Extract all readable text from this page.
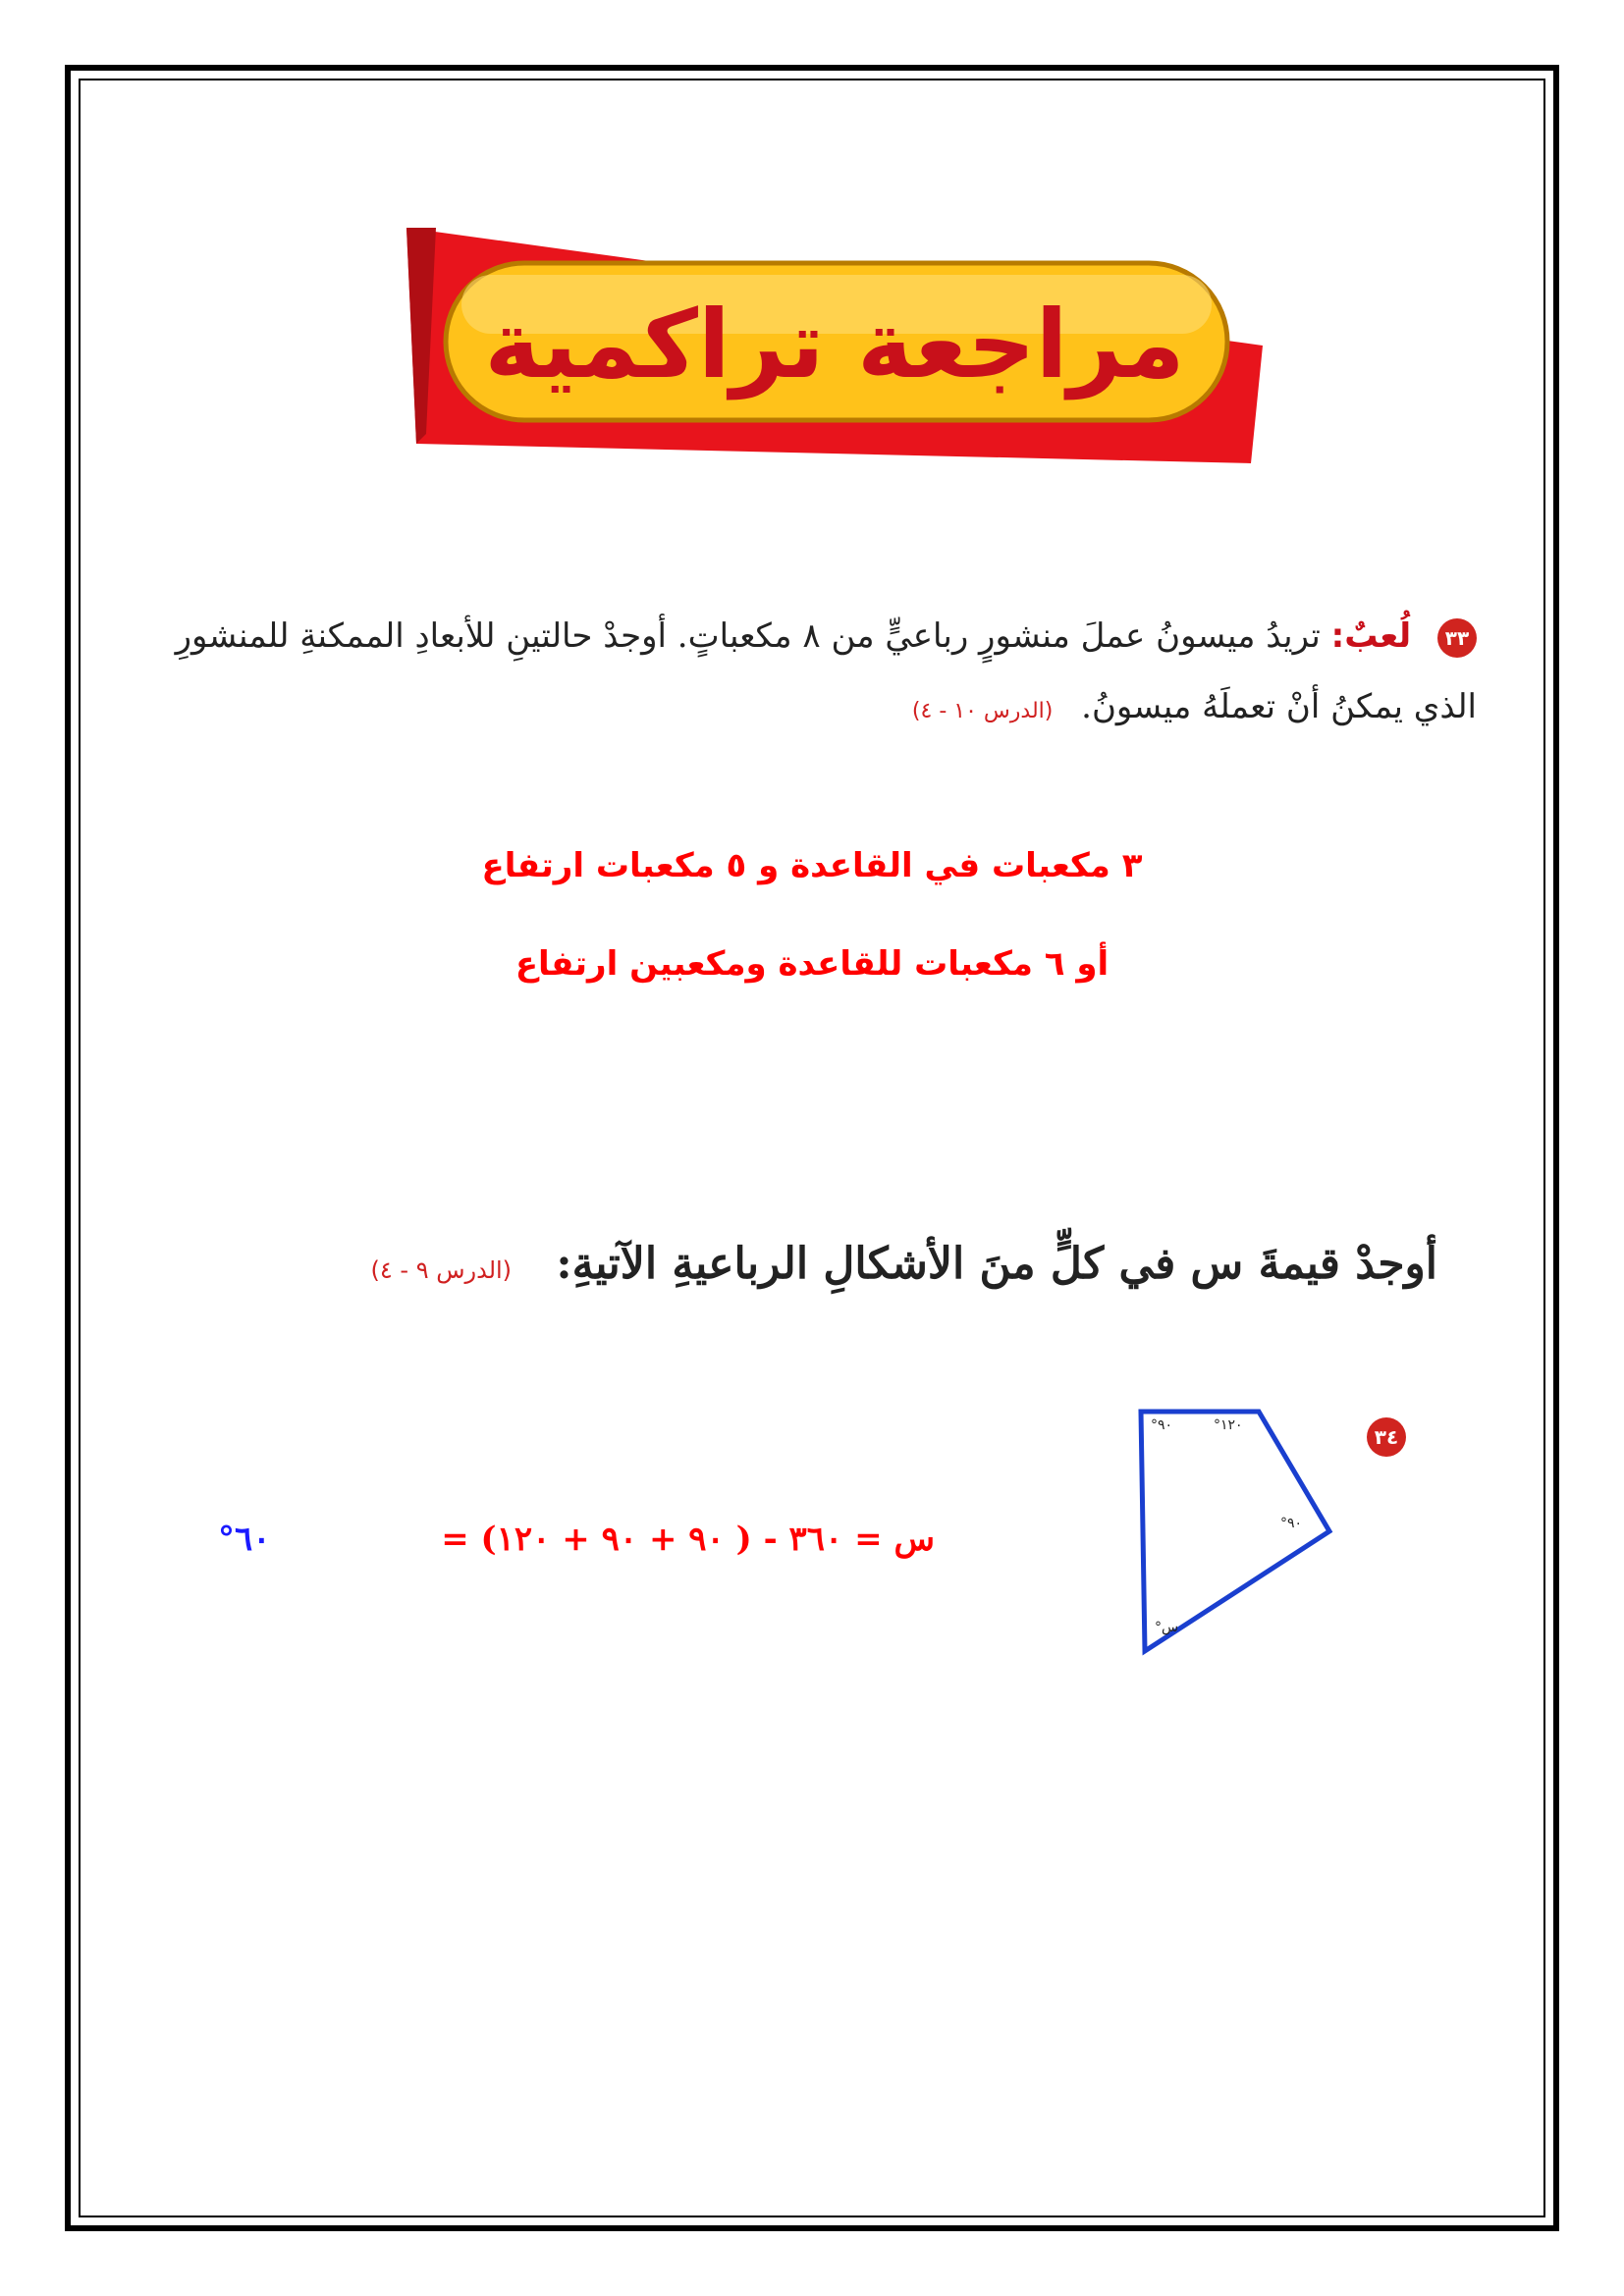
مراجعة تراكمية
٣٣ لُعبٌ: تريدُ ميسونُ عملَ منشورٍ رباعيٍّ من ٨ مكعباتٍ. أوجدْ حالتينِ للأبعادِ الممكنةِ للمنشورِ الذي يمكنُ أنْ تعملَهُ ميسونُ. (الدرس ١٠ - ٤)
٣ مكعبات في القاعدة و ٥ مكعبات ارتفاع
أو ٦ مكعبات للقاعدة ومكعبين ارتفاع
أوجدْ قيمةَ س في كلٍّ منَ الأشكالِ الرباعيةِ الآتيةِ: (الدرس ٩ - ٤)
٣٤
٩٠°	١٢٠°
٩٠°
س°
س = ٣٦٠ - ( ٩٠ + ٩٠ + ١٢٠) =
٦٠°
